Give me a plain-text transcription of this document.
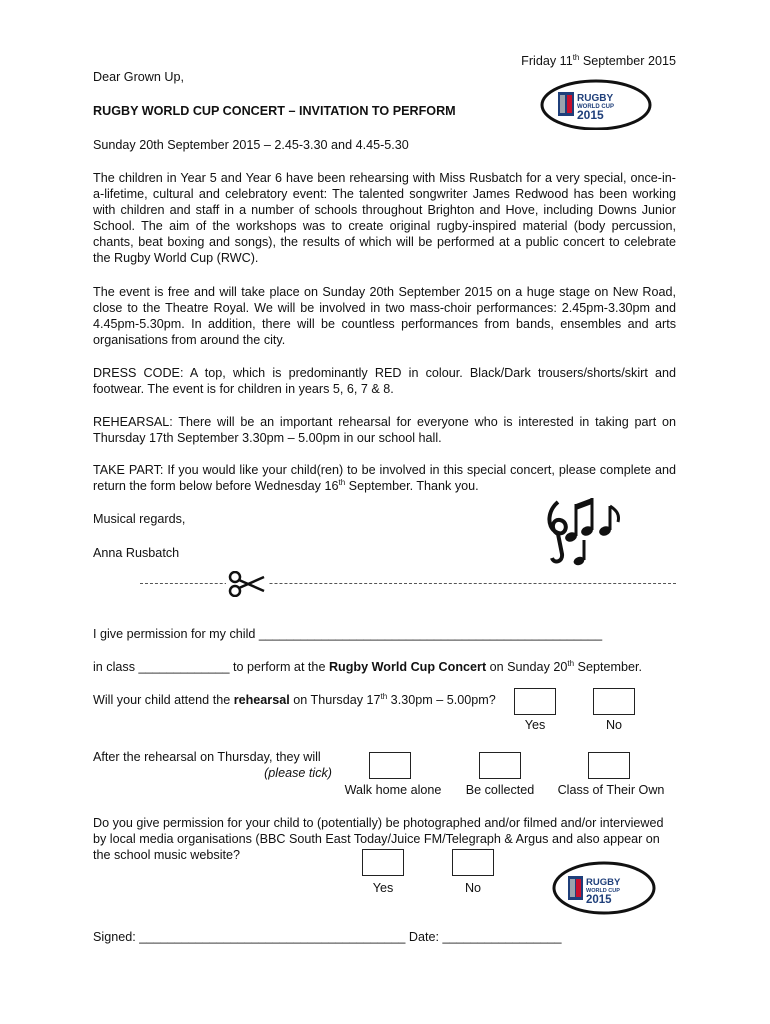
Friday 11th September 2015
Dear Grown Up,
RUGBY WORLD CUP CONCERT – INVITATION TO PERFORM
Sunday 20th September 2015 – 2.45-3.30 and 4.45-5.30
RUGBY
WORLD CUP
2015
The children in Year 5 and Year 6 have been rehearsing with Miss Rusbatch for a very special, once-in-a-lifetime, cultural and celebratory event: The talented songwriter James Redwood has been working with children and staff in a number of schools throughout Brighton and Hove, including Downs Junior School. The aim of the workshops was to create original rugby-inspired material (body percussion, chants, beat boxing and songs), the results of which will be performed at a public concert to celebrate the Rugby World Cup (RWC).
The event is free and will take place on Sunday 20th September 2015 on a huge stage on New Road, close to the Theatre Royal. We will be involved in two mass-choir performances: 2.45pm-3.30pm and 4.45pm-5.30pm. In addition, there will be countless performances from bands, ensembles and arts organisations from around the city.
DRESS CODE: A top, which is predominantly RED in colour. Black/Dark trousers/shorts/skirt and footwear. The event is for children in years 5, 6, 7 & 8.
REHEARSAL: There will be an important rehearsal for everyone who is interested in taking part on Thursday 17th September 3.30pm – 5.00pm in our school hall.
TAKE PART: If you would like your child(ren) to be involved in this special concert, please complete and return the form below before Wednesday 16th September. Thank you.
Musical regards,
Anna Rusbatch
I give permission for my child _________________________________________________
in class _____________ to perform at the Rugby World Cup Concert on Sunday 20th September.
Will your child attend the rehearsal on Thursday 17th 3.30pm – 5.00pm?
Yes	No
After the rehearsal on Thursday, they will
(please tick)
Walk home alone	Be collected	Class of Their Own
Do you give permission for your child to (potentially) be photographed and/or filmed and/or interviewed by local media organisations (BBC South East Today/Juice FM/Telegraph & Argus and also appear on the school music website?
Yes	No	RUGBY
WORLD CUP
2015
Signed: ______________________________________ Date: _________________
